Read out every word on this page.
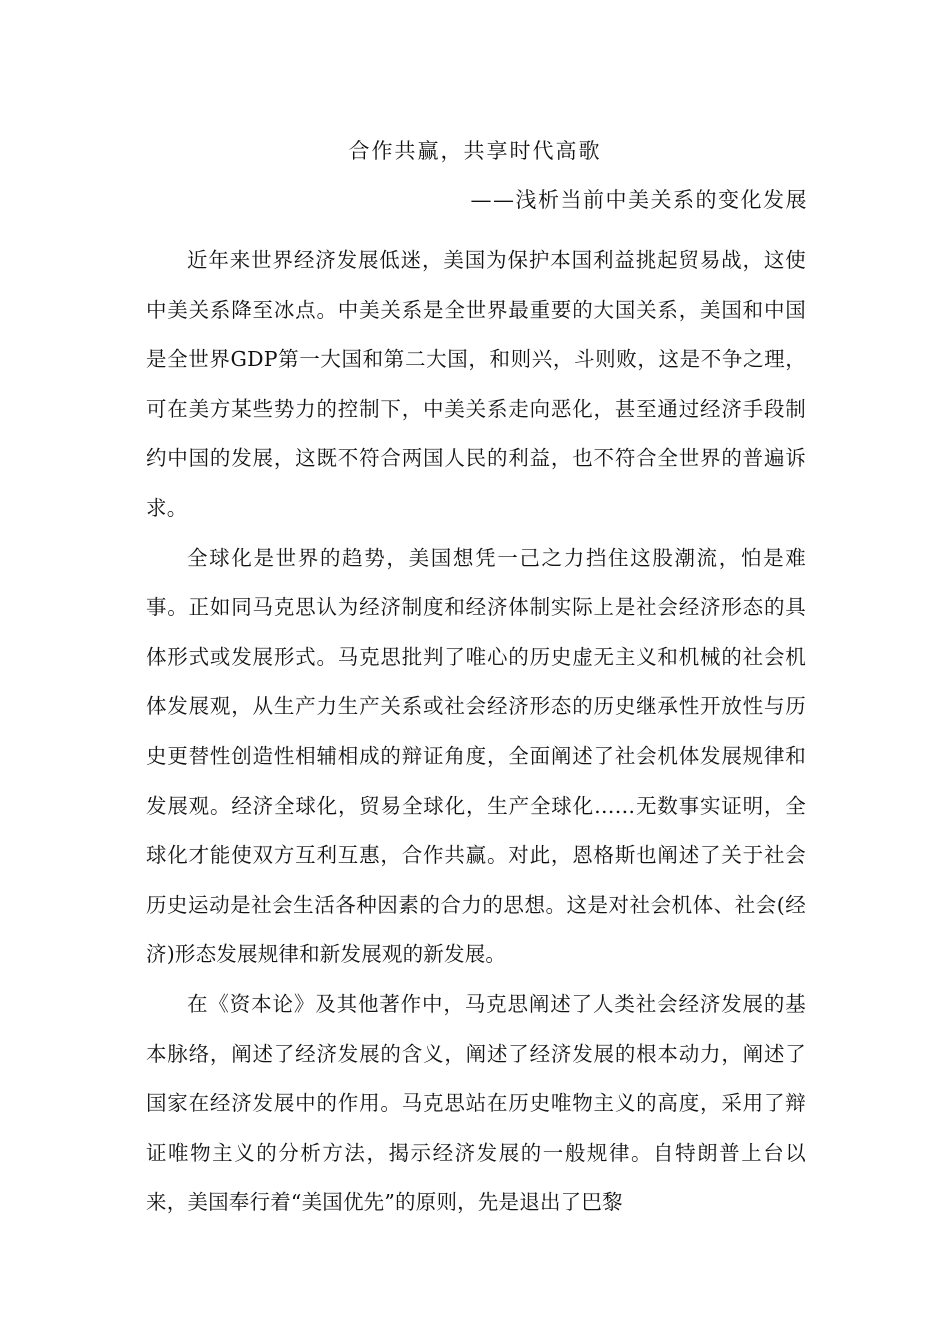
合作共赢，共享时代高歌
——浅析当前中美关系的变化发展

近年来世界经济发展低迷，美国为保护本国利益挑起贸易战，这使中美关系降至冰点。中美关系是全世界最重要的大国关系，美国和中国是全世界GDP第一大国和第二大国，和则兴，斗则败，这是不争之理，可在美方某些势力的控制下，中美关系走向恶化，甚至通过经济手段制约中国的发展，这既不符合两国人民的利益，也不符合全世界的普遍诉求。

全球化是世界的趋势，美国想凭一己之力挡住这股潮流，怕是难事。正如同马克思认为经济制度和经济体制实际上是社会经济形态的具体形式或发展形式。马克思批判了唯心的历史虚无主义和机械的社会机体发展观，从生产力生产关系或社会经济形态的历史继承性开放性与历史更替性创造性相辅相成的辩证角度，全面阐述了社会机体发展规律和发展观。经济全球化，贸易全球化，生产全球化……无数事实证明，全球化才能使双方互利互惠，合作共赢。对此，恩格斯也阐述了关于社会历史运动是社会生活各种因素的合力的思想。这是对社会机体、社会(经济)形态发展规律和新发展观的新发展。

在《资本论》及其他著作中，马克思阐述了人类社会经济发展的基本脉络，阐述了经济发展的含义，阐述了经济发展的根本动力，阐述了国家在经济发展中的作用。马克思站在历史唯物主义的高度，采用了辩证唯物主义的分析方法，揭示经济发展的一般规律。自特朗普上台以来，美国奉行着“美国优先”的原则，先是退出了巴黎
